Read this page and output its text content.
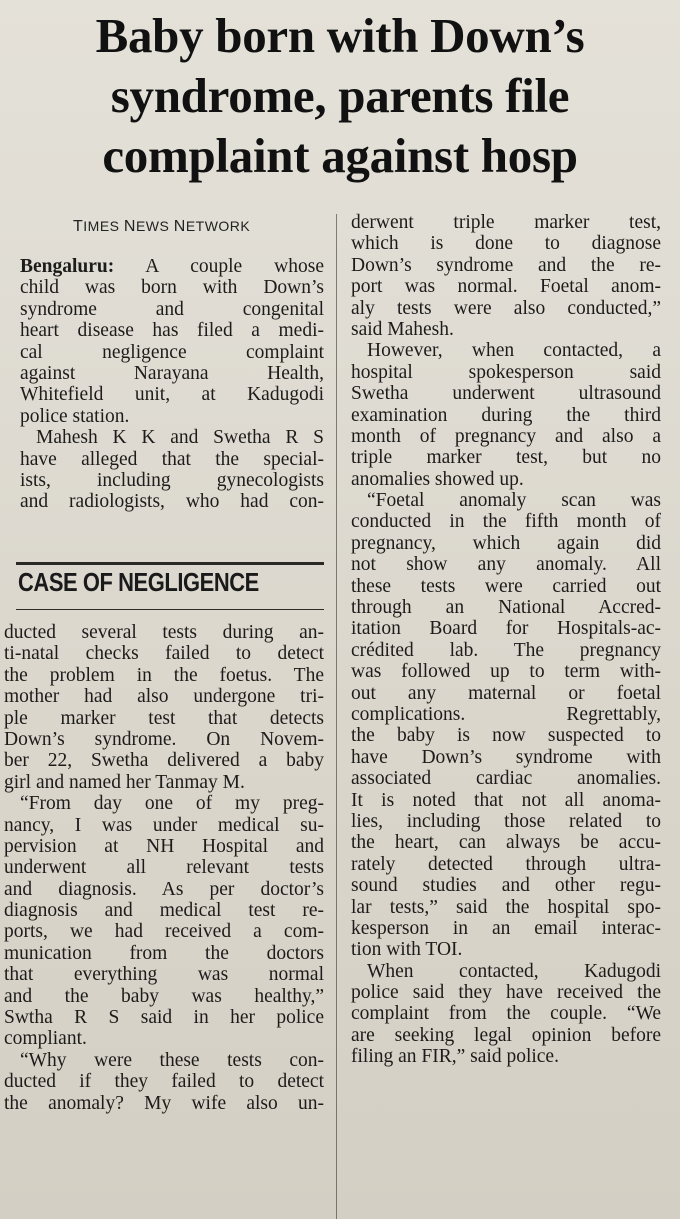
Baby born with Down’s
syndrome, parents file
complaint against hosp
TIMES NEWS NETWORK
Bengaluru: A couple whose
child was born with Down’s
syndrome and congenital
heart disease has filed a medi-
cal negligence complaint
against Narayana Health,
Whitefield unit, at Kadugodi
police station.
Mahesh K K and Swetha R S
have alleged that the special-
ists, including gynecologists
and radiologists, who had con-
CASE OF NEGLIGENCE
ducted several tests during an-
ti-natal checks failed to detect
the problem in the foetus. The
mother had also undergone tri-
ple marker test that detects
Down’s syndrome. On Novem-
ber 22, Swetha delivered a baby
girl and named her Tanmay M.
“From day one of my preg-
nancy, I was under medical su-
pervision at NH Hospital and
underwent all relevant tests
and diagnosis. As per doctor’s
diagnosis and medical test re-
ports, we had received a com-
munication from the doctors
that everything was normal
and the baby was healthy,”
Swtha R S said in her police
compliant.
“Why were these tests con-
ducted if they failed to detect
the anomaly? My wife also un-
derwent triple marker test,
which is done to diagnose
Down’s syndrome and the re-
port was normal. Foetal anom-
aly tests were also conducted,”
said Mahesh.
However, when contacted, a
hospital spokesperson said
Swetha underwent ultrasound
examination during the third
month of pregnancy and also a
triple marker test, but no
anomalies showed up.
“Foetal anomaly scan was
conducted in the fifth month of
pregnancy, which again did
not show any anomaly. All
these tests were carried out
through an National Accred-
itation Board for Hospitals-ac-
crédited lab. The pregnancy
was followed up to term with-
out any maternal or foetal
complications. Regrettably,
the baby is now suspected to
have Down’s syndrome with
associated cardiac anomalies.
It is noted that not all anoma-
lies, including those related to
the heart, can always be accu-
rately detected through ultra-
sound studies and other regu-
lar tests,” said the hospital spo-
kesperson in an email interac-
tion with TOI.
When contacted, Kadugodi
police said they have received the
complaint from the couple. “We
are seeking legal opinion before
filing an FIR,” said police.
